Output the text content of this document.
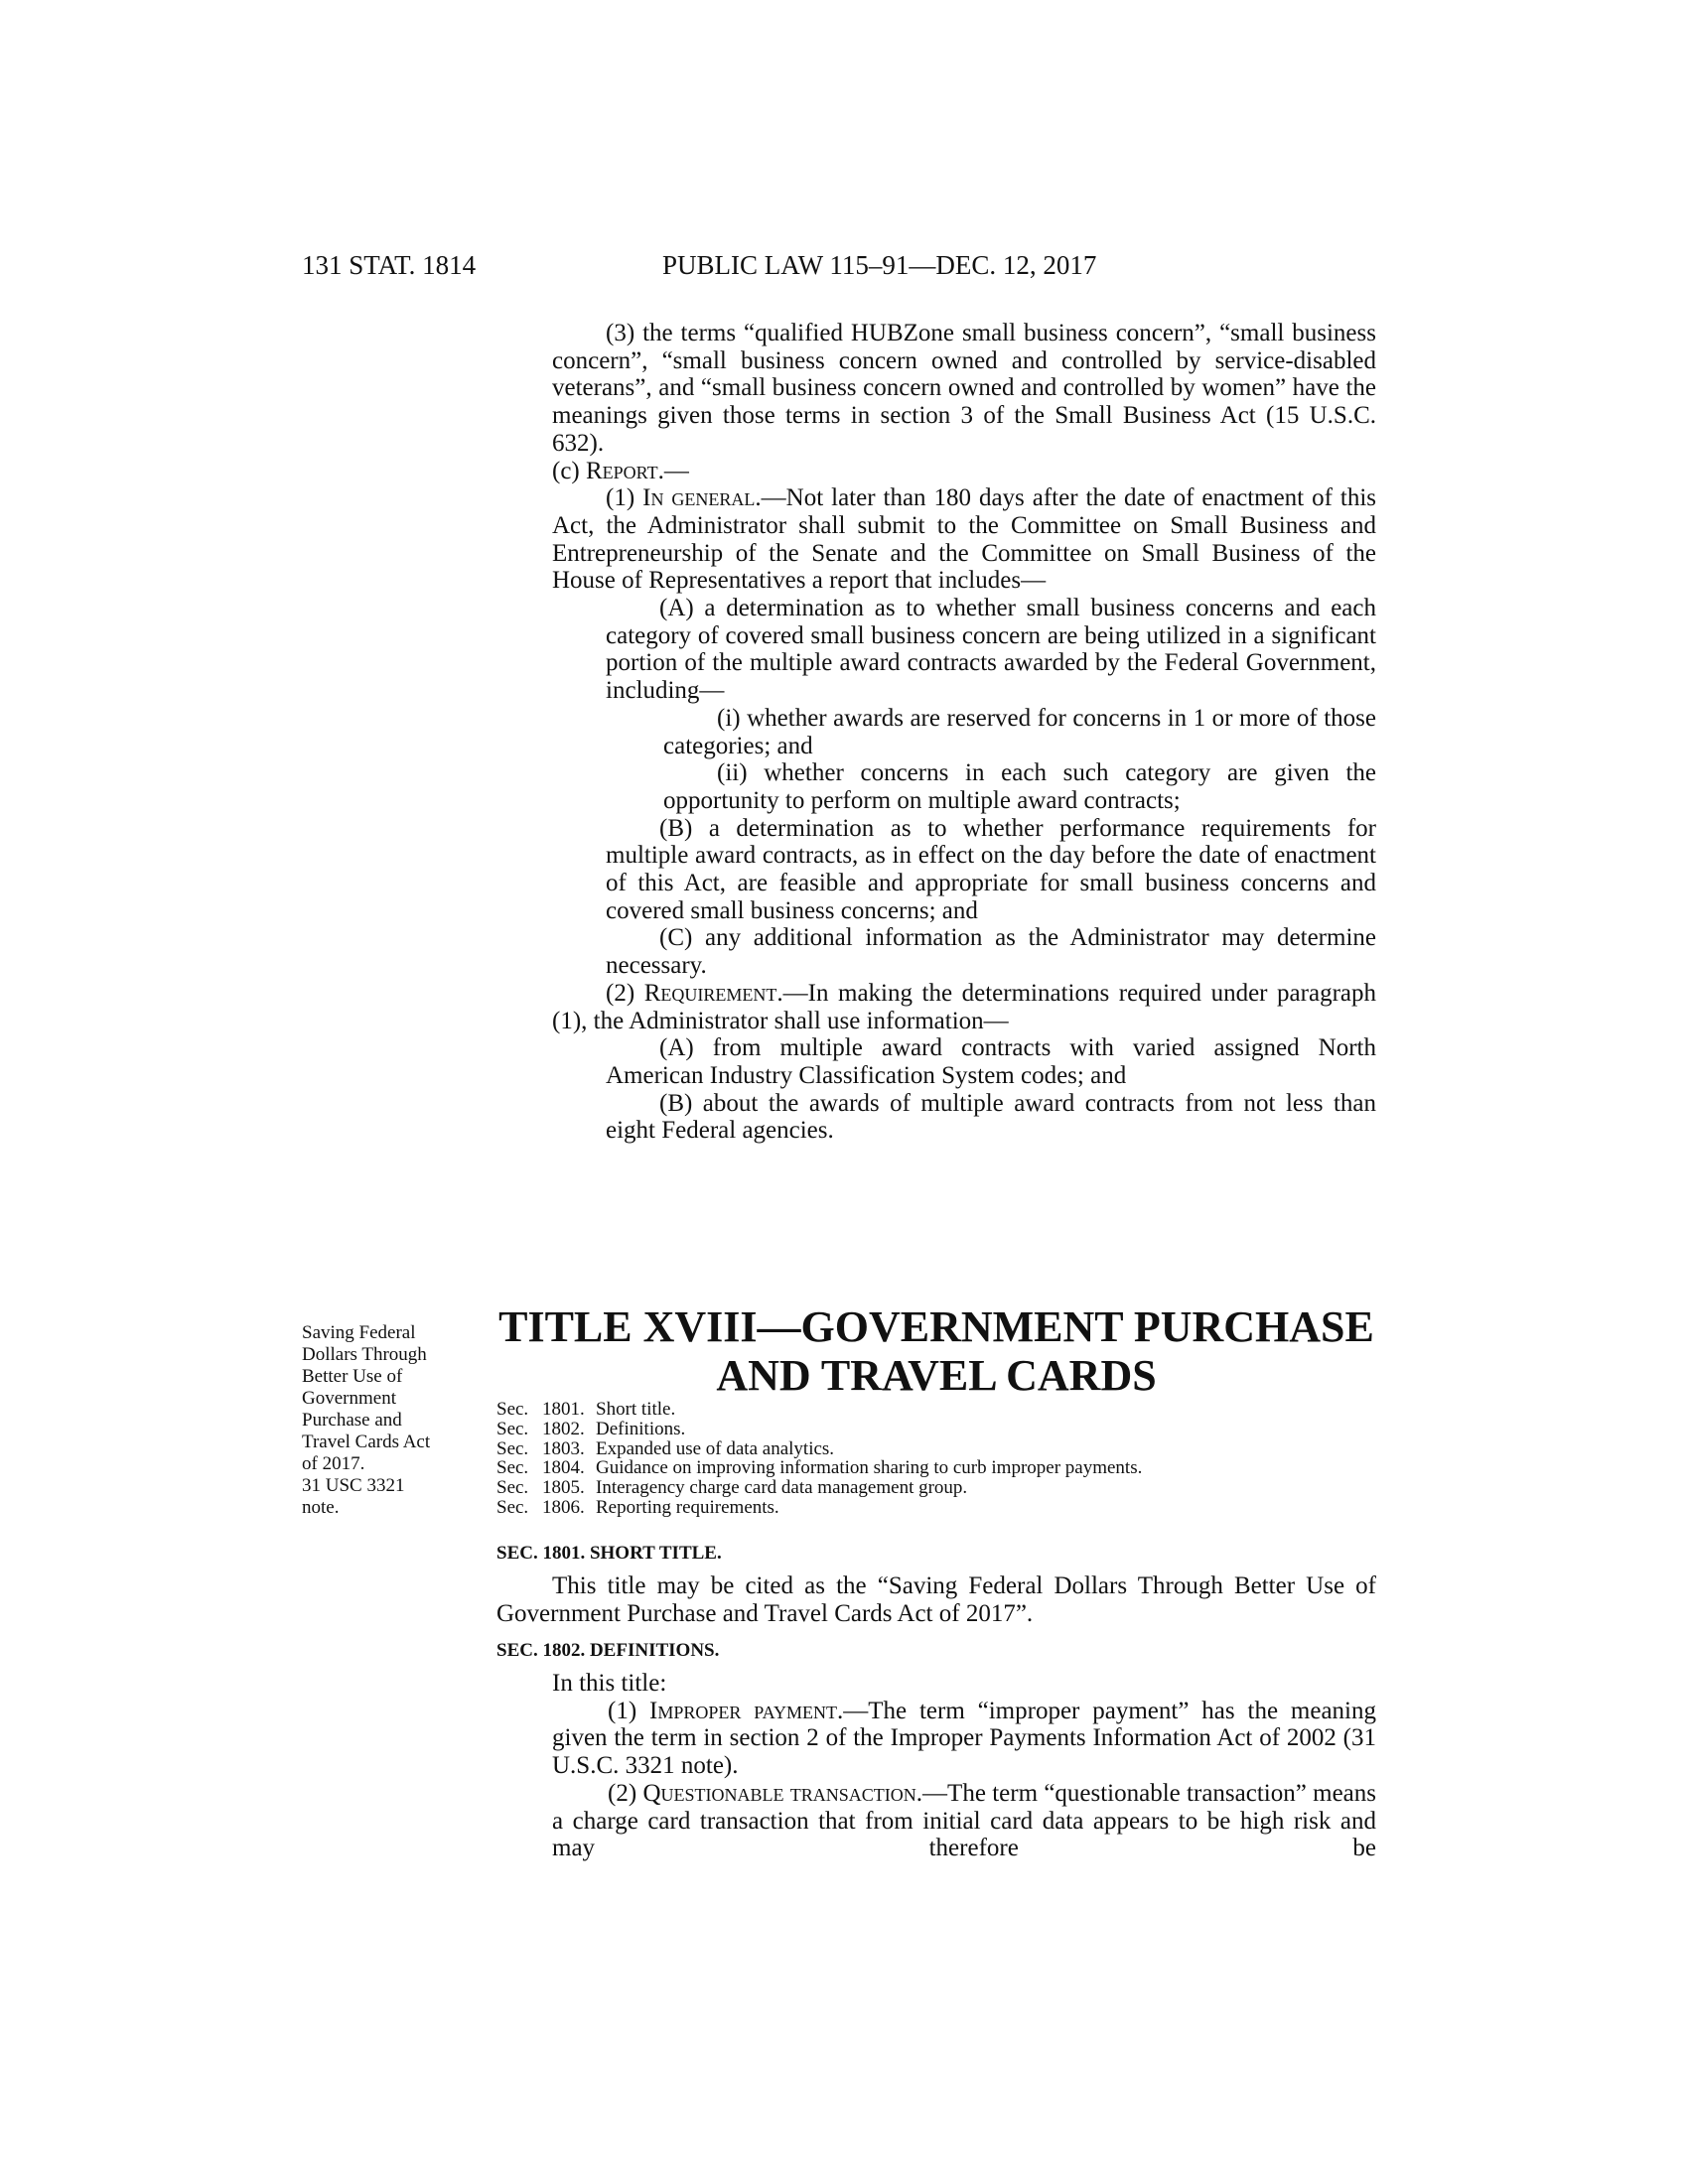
131 STAT. 1814	PUBLIC LAW 115–91—DEC. 12, 2017

(3) the terms “qualified HUBZone small business concern”, “small business concern”, “small business concern owned and controlled by service-disabled veterans”, and “small business concern owned and controlled by women” have the meanings given those terms in section 3 of the Small Business Act (15 U.S.C. 632).

(c) Report.—

(1) In general.—Not later than 180 days after the date of enactment of this Act, the Administrator shall submit to the Committee on Small Business and Entrepreneurship of the Senate and the Committee on Small Business of the House of Representatives a report that includes—

(A) a determination as to whether small business concerns and each category of covered small business concern are being utilized in a significant portion of the multiple award contracts awarded by the Federal Government, including—

(i) whether awards are reserved for concerns in 1 or more of those categories; and

(ii) whether concerns in each such category are given the opportunity to perform on multiple award contracts;

(B) a determination as to whether performance requirements for multiple award contracts, as in effect on the day before the date of enactment of this Act, are feasible and appropriate for small business concerns and covered small business concerns; and

(C) any additional information as the Administrator may determine necessary.

(2) Requirement.—In making the determinations required under paragraph (1), the Administrator shall use information—

(A) from multiple award contracts with varied assigned North American Industry Classification System codes; and

(B) about the awards of multiple award contracts from not less than eight Federal agencies.

Saving Federal
Dollars Through
Better Use of
Government
Purchase and
Travel Cards Act
of 2017.
31 USC 3321
note.
TITLE XVIII—GOVERNMENT PURCHASE
AND TRAVEL CARDS
Sec. 1801. Short title.
Sec. 1802. Definitions.
Sec. 1803. Expanded use of data analytics.
Sec. 1804. Guidance on improving information sharing to curb improper payments.
Sec. 1805. Interagency charge card data management group.
Sec. 1806. Reporting requirements.

SEC. 1801. SHORT TITLE.

This title may be cited as the “Saving Federal Dollars Through Better Use of Government Purchase and Travel Cards Act of 2017”.

SEC. 1802. DEFINITIONS.

In this title:

(1) Improper payment.—The term “improper payment” has the meaning given the term in section 2 of the Improper Payments Information Act of 2002 (31 U.S.C. 3321 note).

(2) Questionable transaction.—The term “questionable transaction” means a charge card transaction that from initial card data appears to be high risk and may therefore be
